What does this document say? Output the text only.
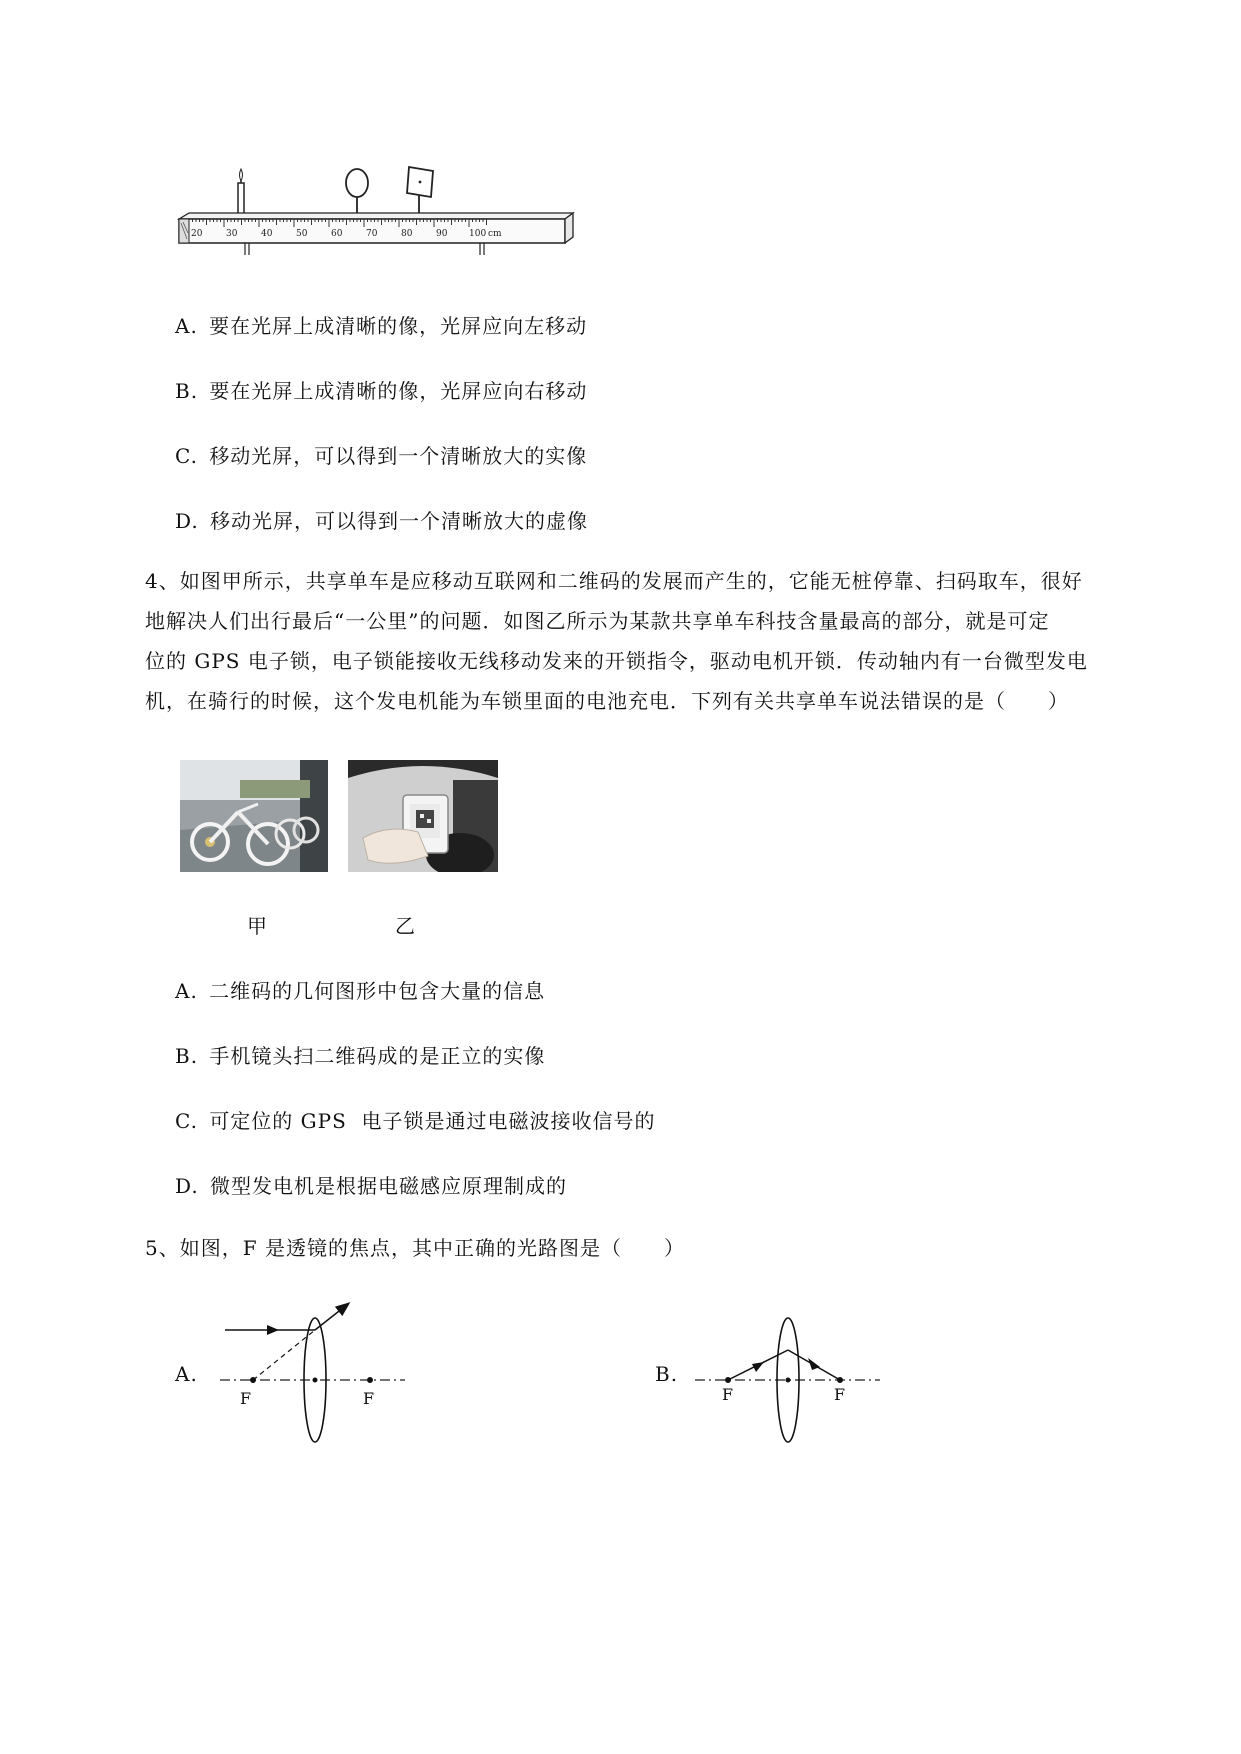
20	30	40	50	60	70	80	90 100 cm
A. 要在光屏上成清晰的像，光屏应向左移动
B. 要在光屏上成清晰的像，光屏应向右移动
C. 移动光屏，可以得到一个清晰放大的实像
D. 移动光屏，可以得到一个清晰放大的虚像
4、如图甲所示，共享单车是应移动互联网和二维码的发展而产生的，它能无桩停靠、扫码取车，很好
地解决人们出行最后“一公里”的问题．如图乙所示为某款共享单车科技含量最高的部分，就是可定
位的 GPS 电子锁，电子锁能接收无线移动发来的开锁指令，驱动电机开锁．传动轴内有一台微型发电
机，在骑行的时候，这个发电机能为车锁里面的电池充电．下列有关共享单车说法错误的是（　　）
甲	乙
A. 二维码的几何图形中包含大量的信息
B. 手机镜头扫二维码成的是正立的实像
C. 可定位的 GPS  电子锁是通过电磁波接收信号的
D. 微型发电机是根据电磁感应原理制成的
5、如图，F 是透镜的焦点，其中正确的光路图是（　　）
A.
F	F
B.
F	F
